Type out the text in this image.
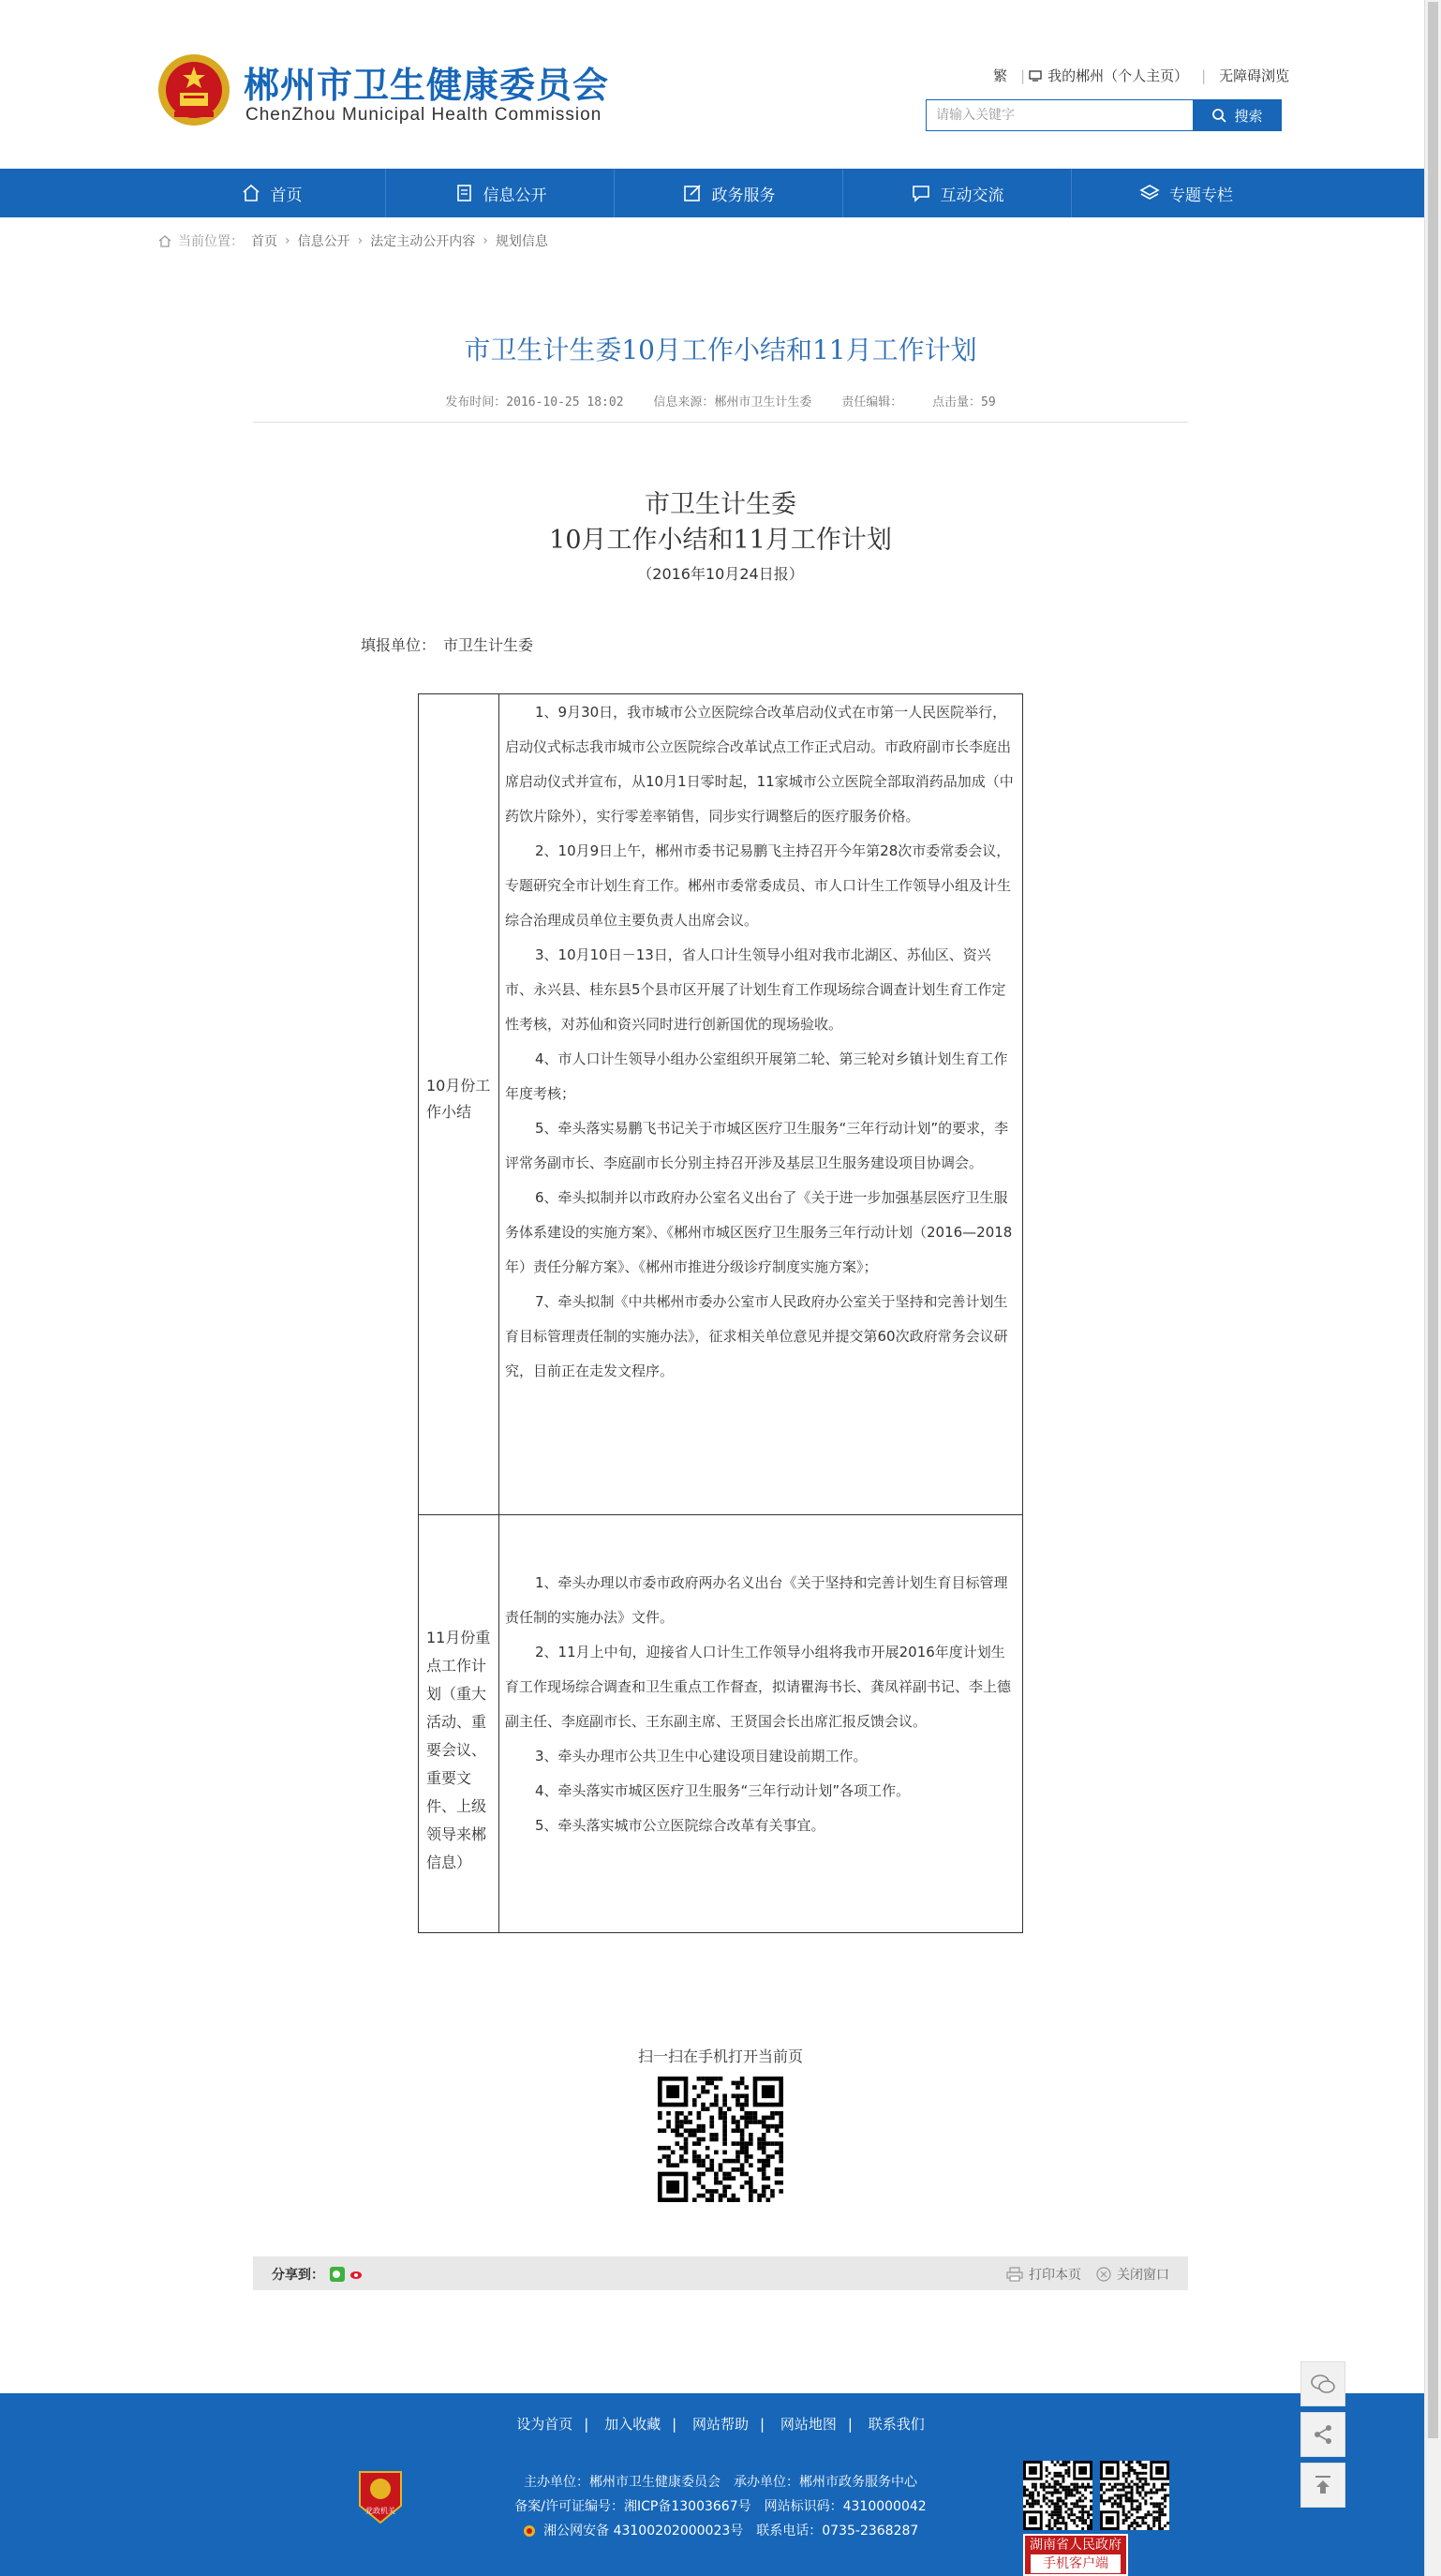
郴州市卫生健康委员会
ChenZhou Municipal Health Commission
繁 | 我的郴州（个人主页） | 无障碍浏览
请输入关键字	搜索
首页	信息公开	政务服务	互动交流	专题专栏
当前位置： 首页 › 信息公开 › 法定主动公开内容 › 规划信息
市卫生计生委10月工作小结和11月工作计划
发布时间：2016-10-25 18:02 信息来源：郴州市卫生计生委 责任编辑： 点击量：59
市卫生计生委
10月工作小结和11月工作计划
（2016年10月24日报）
填报单位：　市卫生计生委
10月份工作小结

1、9月30日，我市城市公立医院综合改革启动仪式在市第一人民医院举行，启动仪式标志我市城市公立医院综合改革试点工作正式启动。市政府副市长李庭出席启动仪式并宣布，从10月1日零时起，11家城市公立医院全部取消药品加成（中药饮片除外），实行零差率销售，同步实行调整后的医疗服务价格。

2、10月9日上午，郴州市委书记易鹏飞主持召开今年第28次市委常委会议，专题研究全市计划生育工作。郴州市委常委成员、市人口计生工作领导小组及计生综合治理成员单位主要负责人出席会议。

3、10月10日－13日，省人口计生领导小组对我市北湖区、苏仙区、资兴市、永兴县、桂东县5个县市区开展了计划生育工作现场综合调查计划生育工作定性考核，对苏仙和资兴同时进行创新国优的现场验收。

4、市人口计生领导小组办公室组织开展第二轮、第三轮对乡镇计划生育工作年度考核；

5、牵头落实易鹏飞书记关于市城区医疗卫生服务“三年行动计划”的要求，李评常务副市长、李庭副市长分别主持召开涉及基层卫生服务建设项目协调会。

6、牵头拟制并以市政府办公室名义出台了《关于进一步加强基层医疗卫生服务体系建设的实施方案》、《郴州市城区医疗卫生服务三年行动计划（2016—2018年）责任分解方案》、《郴州市推进分级诊疗制度实施方案》；

7、牵头拟制《中共郴州市委办公室市人民政府办公室关于坚持和完善计划生育目标管理责任制的实施办法》，征求相关单位意见并提交第60次政府常务会议研究，目前正在走发文程序。

11月份重点工作计划（重大活动、重要会议、重要文件、上级领导来郴信息）

1、牵头办理以市委市政府两办名义出台《关于坚持和完善计划生育目标管理责任制的实施办法》文件。

2、11月上中旬，迎接省人口计生工作领导小组将我市开展2016年度计划生育工作现场综合调查和卫生重点工作督查，拟请瞿海书长、龚凤祥副书记、李上德副主任、李庭副市长、王东副主席、王贤国会长出席汇报反馈会议。

3、牵头办理市公共卫生中心建设项目建设前期工作。

4、牵头落实市城区医疗卫生服务“三年行动计划”各项工作。

5、牵头落实城市公立医院综合改革有关事宜。

扫一扫在手机打开当前页
分享到：	打印本页	关闭窗口
设为首页 | 加入收藏 | 网站帮助 | 网站地图 | 联系我们
党政机关
主办单位：郴州市卫生健康委员会　承办单位：郴州市政务服务中心
备案/许可证编号：湘ICP备13003667号　网站标识码：4310000042
湘公网安备 43100202000023号　联系电话：0735-2368287
湖南省人民政府
手机客户端
